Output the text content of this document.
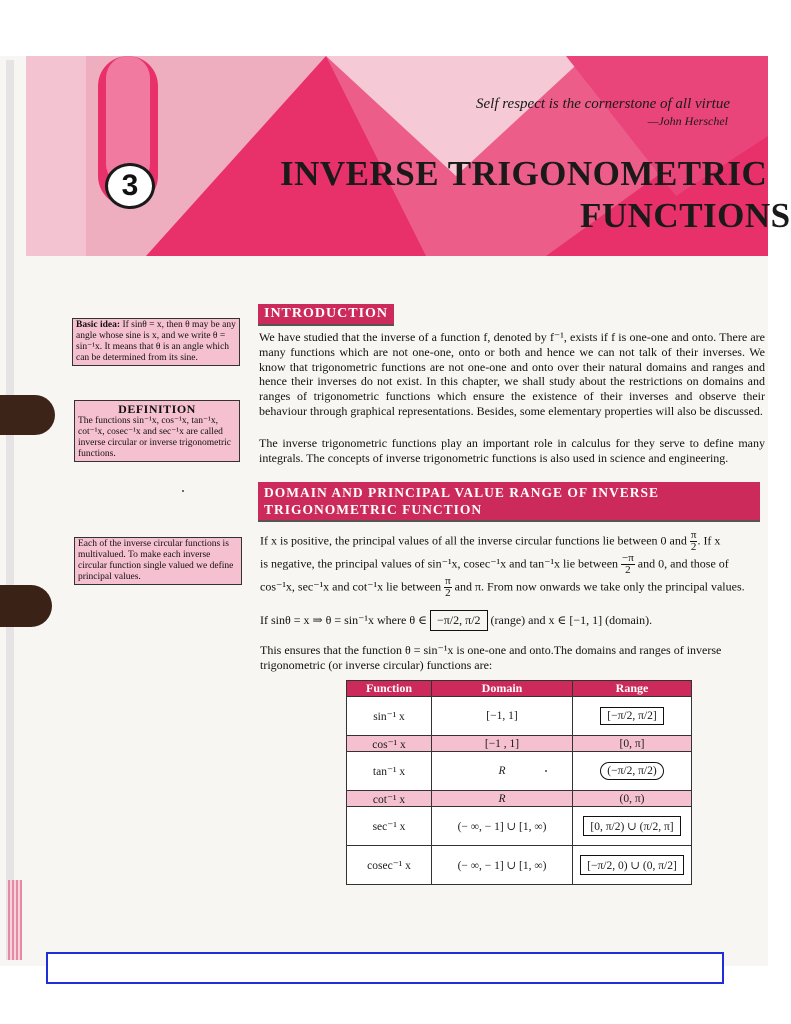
3
Self respect is the cornerstone of all virtue
—John Herschel
INVERSE TRIGONOMETRIC
FUNCTIONS
Basic idea: If sinθ = x, then θ may be any angle whose sine is x, and we write θ = sin⁻¹x. It means that θ is an angle which can be determined from its sine.
DEFINITION
The functions sin⁻¹x, cos⁻¹x, tan⁻¹x, cot⁻¹x, cosec⁻¹x and sec⁻¹x are called inverse circular or inverse trigonometric functions.
Each of the inverse circular functions is multivalued. To make each inverse circular function single valued we define principal values.
INTRODUCTION
We have studied that the inverse of a function f, denoted by f⁻¹, exists if f is one-one and onto. There are many functions which are not one-one, onto or both and hence we can not talk of their inverses. We know that trigonometric functions are not one-one and onto over their natural domains and ranges and hence their inverses do not exist. In this chapter, we shall study about the restrictions on domains and ranges of trigonometric functions which ensure the existence of their inverses and observe their behaviour through graphical representations. Besides, some elementary properties will also be discussed.
The inverse trigonometric functions play an important role in calculus for they serve to define many integrals. The concepts of inverse trigonometric functions is also used in science and engineering.
DOMAIN AND PRINCIPAL VALUE RANGE OF INVERSE
TRIGONOMETRIC FUNCTION
If x is positive, the principal values of all the inverse circular functions lie between 0 and $\frac{\pi}{2}$ . If x
is negative, the principal values of sin⁻¹x, cosec⁻¹x and tan⁻¹x lie between $\frac{-\pi}{2}$ and 0, and those of
cos⁻¹x, sec⁻¹x and cot⁻¹x lie between $\frac{\pi}{2}$ and π. From now onwards we take only the principal values.
If sinθ = x ⇒ θ = sin⁻¹x where θ ∈ −π/2, π/2 (range) and x ∈ [−1, 1] (domain).
This ensures that the function θ = sin⁻¹x is one-one and onto.The domains and ranges of inverse
trigonometric (or inverse circular) functions are:
Function	Domain	Range
sin⁻¹ x	[−1, 1]	[−π/2, π/2]
cos⁻¹ x	[−1 , 1]	[0, π]
tan⁻¹ x	R	(−π/2, π/2)
cot⁻¹ x	R	(0, π)
sec⁻¹ x	(− ∞, − 1] ∪ [1, ∞)	[0, π/2) ∪ (π/2, π]
cosec⁻¹ x	(− ∞, − 1] ∪ [1, ∞)	[−π/2, 0) ∪ (0, π/2]
